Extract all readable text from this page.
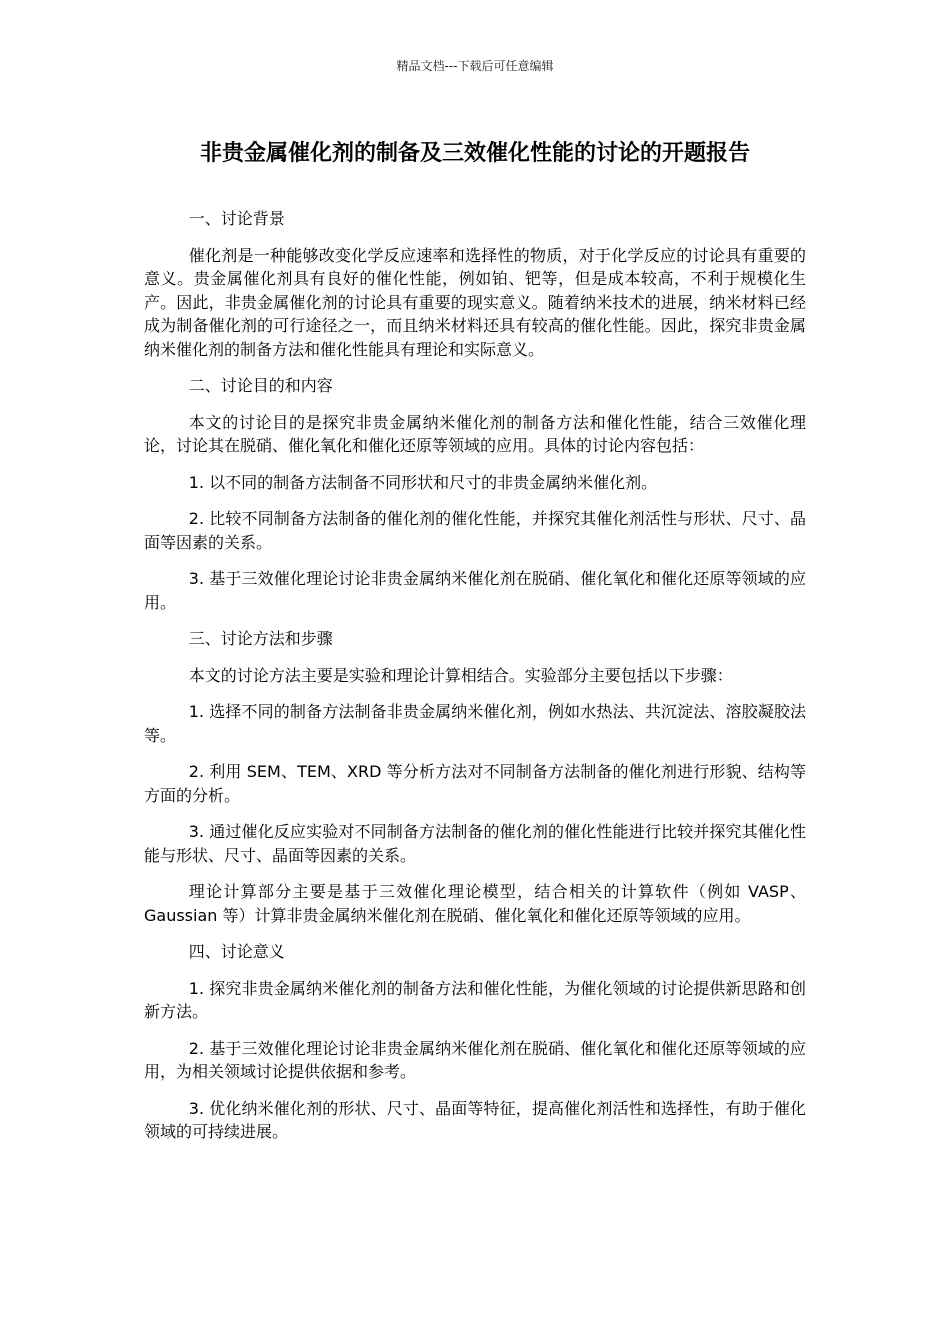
精品文档---下载后可任意编辑
非贵金属催化剂的制备及三效催化性能的讨论的开题报告

一、讨论背景

催化剂是一种能够改变化学反应速率和选择性的物质，对于化学反应的讨论具有重要的意义。贵金属催化剂具有良好的催化性能，例如铂、钯等，但是成本较高，不利于规模化生产。因此，非贵金属催化剂的讨论具有重要的现实意义。随着纳米技术的进展，纳米材料已经成为制备催化剂的可行途径之一，而且纳米材料还具有较高的催化性能。因此，探究非贵金属纳米催化剂的制备方法和催化性能具有理论和实际意义。

二、讨论目的和内容

本文的讨论目的是探究非贵金属纳米催化剂的制备方法和催化性能，结合三效催化理论，讨论其在脱硝、催化氧化和催化还原等领域的应用。具体的讨论内容包括：

1. 以不同的制备方法制备不同形状和尺寸的非贵金属纳米催化剂。

2. 比较不同制备方法制备的催化剂的催化性能，并探究其催化剂活性与形状、尺寸、晶面等因素的关系。

3. 基于三效催化理论讨论非贵金属纳米催化剂在脱硝、催化氧化和催化还原等领域的应用。

三、讨论方法和步骤

本文的讨论方法主要是实验和理论计算相结合。实验部分主要包括以下步骤：

1. 选择不同的制备方法制备非贵金属纳米催化剂，例如水热法、共沉淀法、溶胶凝胶法等。

2. 利用 SEM、TEM、XRD 等分析方法对不同制备方法制备的催化剂进行形貌、结构等方面的分析。

3. 通过催化反应实验对不同制备方法制备的催化剂的催化性能进行比较并探究其催化性能与形状、尺寸、晶面等因素的关系。

理论计算部分主要是基于三效催化理论模型，结合相关的计算软件（例如 VASP、Gaussian 等）计算非贵金属纳米催化剂在脱硝、催化氧化和催化还原等领域的应用。

四、讨论意义

1. 探究非贵金属纳米催化剂的制备方法和催化性能，为催化领域的讨论提供新思路和创新方法。

2. 基于三效催化理论讨论非贵金属纳米催化剂在脱硝、催化氧化和催化还原等领域的应用，为相关领域讨论提供依据和参考。

3. 优化纳米催化剂的形状、尺寸、晶面等特征，提高催化剂活性和选择性，有助于催化领域的可持续进展。
